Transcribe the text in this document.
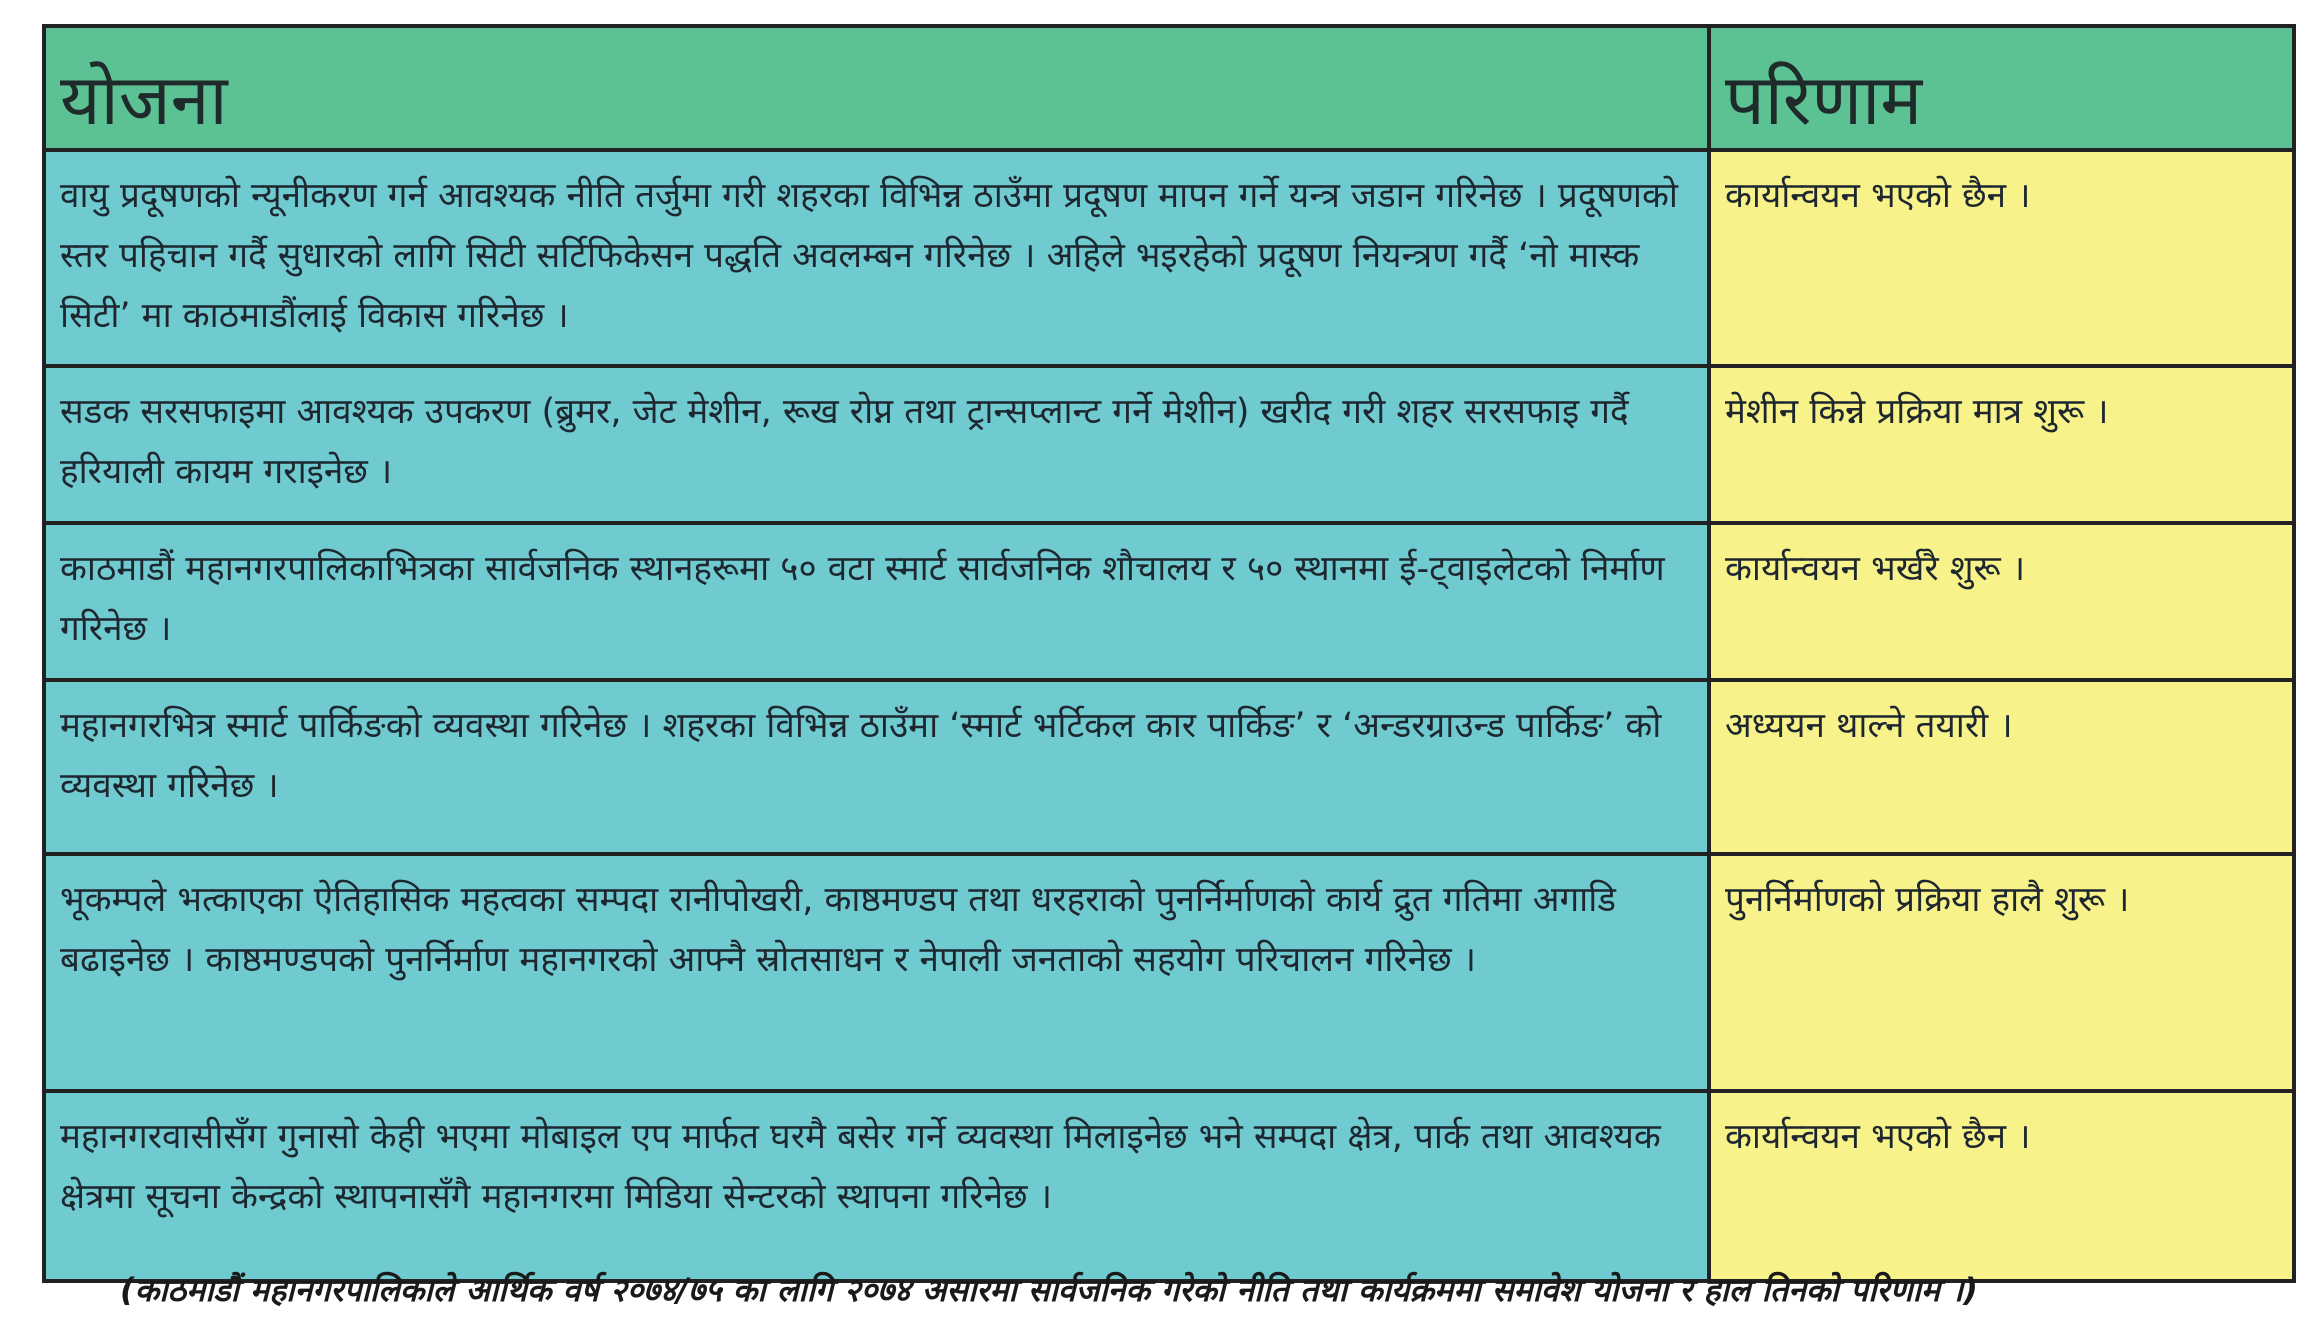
योजना	परिणाम
वायु प्रदूषणको न्यूनीकरण गर्न आवश्यक नीति तर्जुमा गरी शहरका विभिन्न ठाउँमा प्रदूषण मापन गर्ने यन्त्र जडान गरिनेछ । प्रदूषणको स्तर पहिचान गर्दै सुधारको लागि सिटी सर्टिफिकेसन पद्धति अवलम्बन गरिनेछ । अहिले भइरहेको प्रदूषण नियन्त्रण गर्दै ‘नो मास्क सिटी’ मा काठमाडौंलाई विकास गरिनेछ ।	कार्यान्वयन भएको छैन ।
सडक सरसफाइमा आवश्यक उपकरण (ब्रुमर, जेट मेशीन, रूख रोप्न तथा ट्रान्सप्लान्ट गर्ने मेशीन) खरीद गरी शहर सरसफाइ गर्दै हरियाली कायम गराइनेछ ।	मेशीन किन्ने प्रक्रिया मात्र शुरू ।
काठमाडौं महानगरपालिकाभित्रका सार्वजनिक स्थानहरूमा ५० वटा स्मार्ट सार्वजनिक शौचालय र ५० स्थानमा ई-ट्वाइलेटको निर्माण गरिनेछ ।	कार्यान्वयन भर्खरै शुरू ।
महानगरभित्र स्मार्ट पार्किङको व्यवस्था गरिनेछ । शहरका विभिन्न ठाउँमा ‘स्मार्ट भर्टिकल कार पार्किङ’ र ‘अन्डरग्राउन्ड पार्किङ’ को व्यवस्था गरिनेछ ।	अध्ययन थाल्ने तयारी ।
भूकम्पले भत्काएका ऐतिहासिक महत्वका सम्पदा रानीपोखरी, काष्ठमण्डप तथा धरहराको पुनर्निर्माणको कार्य द्रुत गतिमा अगाडि बढाइनेछ । काष्ठमण्डपको पुनर्निर्माण महानगरको आफ्नै स्रोतसाधन र नेपाली जनताको सहयोग परिचालन गरिनेछ ।	पुनर्निर्माणको प्रक्रिया हालै शुरू ।
महानगरवासीसँग गुनासो केही भएमा मोबाइल एप मार्फत घरमै बसेर गर्ने व्यवस्था मिलाइनेछ भने सम्पदा क्षेत्र, पार्क तथा आवश्यक क्षेत्रमा सूचना केन्द्रको स्थापनासँगै महानगरमा मिडिया सेन्टरको स्थापना गरिनेछ ।	कार्यान्वयन भएको छैन ।
(काठमाडौं महानगरपालिकाले आर्थिक वर्ष २०७४/७५ का लागि २०७४ असारमा सार्वजनिक गरेको नीति तथा कार्यक्रममा समावेश योजना र हाल तिनको परिणाम ।)
